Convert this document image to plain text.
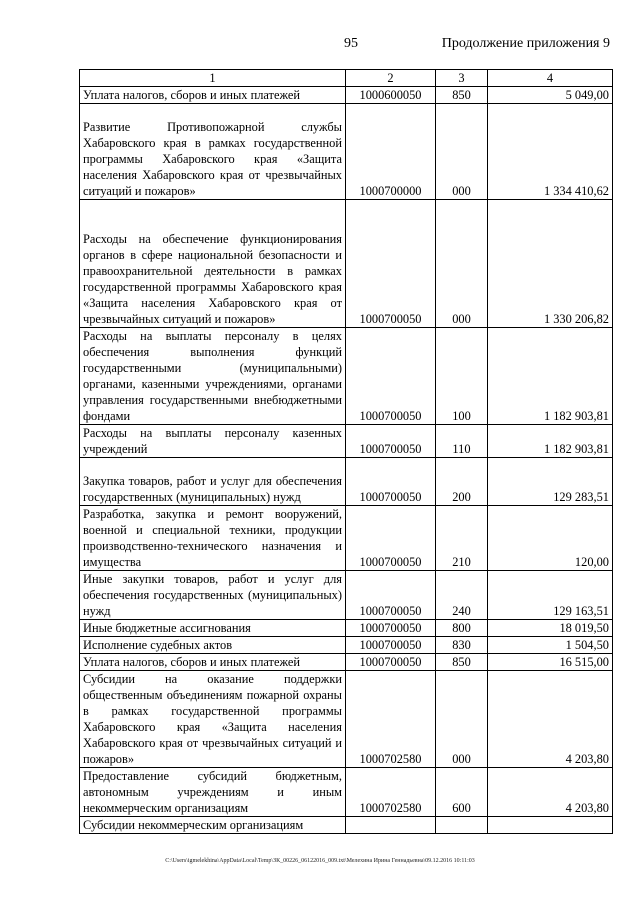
95	Продолжение приложения 9
1	2	3	4
Уплата налогов, сборов и иных платежей	1000600050	850	5 049,00
Развитие Противопожарной службы Хабаровского края в рамках государственной программы Хабаровского края «Защита населения Хабаровского края от чрезвычайных ситуаций и пожаров»	1000700000	000	1 334 410,62
Расходы на обеспечение функционирования органов в сфере национальной безопасности и правоохранительной деятельности в рамках государственной программы Хабаровского края «Защита населения Хабаровского края от чрезвычайных ситуаций и пожаров»	1000700050	000	1 330 206,82
Расходы на выплаты персоналу в целях обеспечения выполнения функций государственными (муниципальными) органами, казенными учреждениями, органами управления государственными внебюджетными фондами	1000700050	100	1 182 903,81
Расходы на выплаты персоналу казенных учреждений	1000700050	110	1 182 903,81
Закупка товаров, работ и услуг для обеспечения государственных (муниципальных) нужд	1000700050	200	129 283,51
Разработка, закупка и ремонт вооружений, военной и специальной техники, продукции производственно-технического назначения и имущества	1000700050	210	120,00
Иные закупки товаров, работ и услуг для обеспечения государственных (муниципальных) нужд	1000700050	240	129 163,51
Иные бюджетные ассигнования	1000700050	800	18 019,50
Исполнение судебных актов	1000700050	830	1 504,50
Уплата налогов, сборов и иных платежей	1000700050	850	16 515,00
Субсидии на оказание поддержки общественным объединениям пожарной охраны в рамках государственной программы Хабаровского края «Защита населения Хабаровского края от чрезвычайных ситуаций и пожаров»	1000702580	000	4 203,80
Предоставление субсидий бюджетным, автономным учреждениям и иным некоммерческим организациям	1000702580	600	4 203,80
Субсидии некоммерческим организациям			
C:\Users\igmelekhina\AppData\Local\Temp\ЗК_00226_06122016_009.txt\Мелехина Ирина Геннадьевна\09.12.2016 10:11:03
